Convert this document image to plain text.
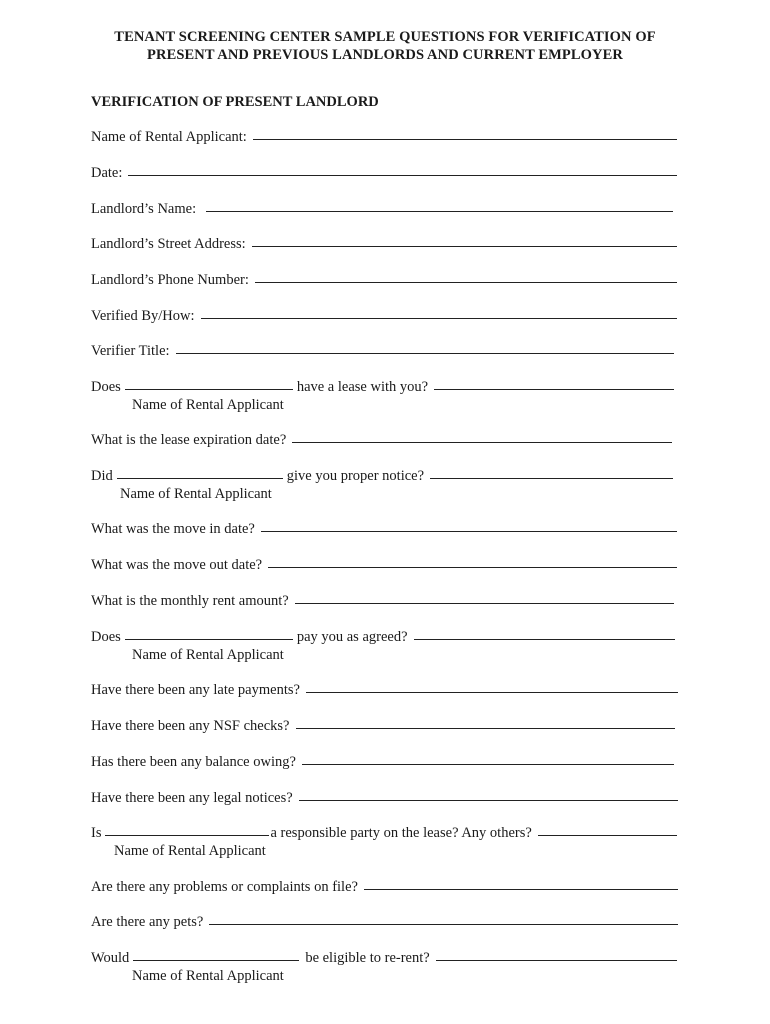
TENANT SCREENING CENTER SAMPLE QUESTIONS FOR VERIFICATION OF
PRESENT AND PREVIOUS LANDLORDS AND CURRENT EMPLOYER
VERIFICATION OF PRESENT LANDLORD
Name of Rental Applicant:
Date:
Landlord’s Name:
Landlord’s Street Address:
Landlord’s Phone Number:
Verified By/How:
Verifier Title:
Does	have a lease with you?
Name of Rental Applicant
What is the lease expiration date?
Did	give you proper notice?
Name of Rental Applicant
What was the move in date?
What was the move out date?
What is the monthly rent amount?
Does	pay you as agreed?
Name of Rental Applicant
Have there been any late payments?
Have there been any NSF checks?
Has there been any balance owing?
Have there been any legal notices?
Is	a responsible party on the lease? Any others?
Name of Rental Applicant
Are there any problems or complaints on file?
Are there any pets?
Would	be eligible to re-rent?
Name of Rental Applicant
